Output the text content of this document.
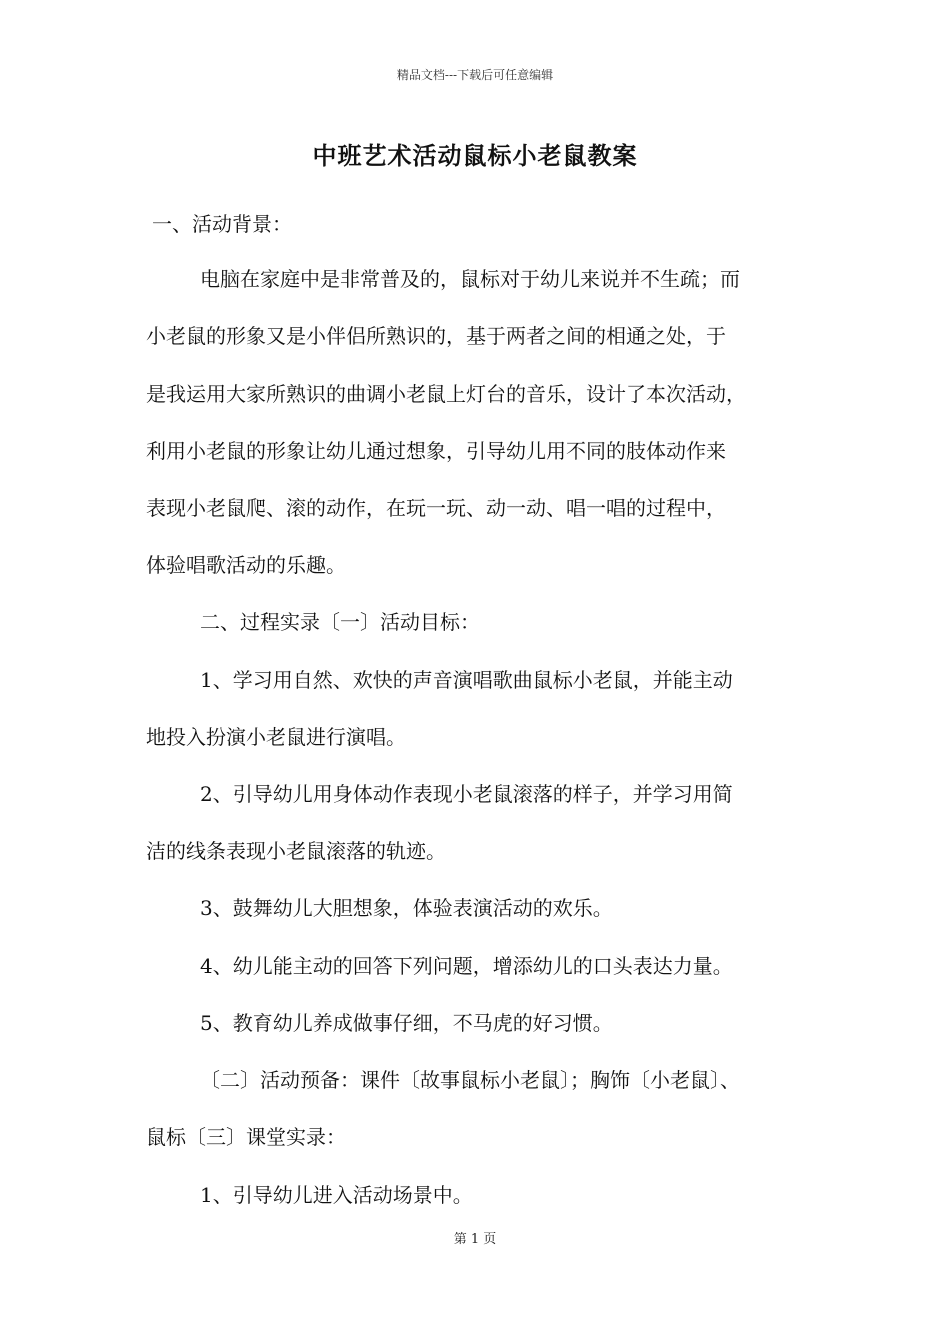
精品文档---下载后可任意编辑
中班艺术活动鼠标小老鼠教案
一、活动背景：
电脑在家庭中是非常普及的，鼠标对于幼儿来说并不生疏；而
小老鼠的形象又是小伴侣所熟识的，基于两者之间的相通之处，于
是我运用大家所熟识的曲调小老鼠上灯台的音乐，设计了本次活动，
利用小老鼠的形象让幼儿通过想象，引导幼儿用不同的肢体动作来
表现小老鼠爬、滚的动作，在玩一玩、动一动、唱一唱的过程中，
体验唱歌活动的乐趣。
二、过程实录〔一〕活动目标：
1、学习用自然、欢快的声音演唱歌曲鼠标小老鼠，并能主动
地投入扮演小老鼠进行演唱。
2、引导幼儿用身体动作表现小老鼠滚落的样子，并学习用简
洁的线条表现小老鼠滚落的轨迹。
3、鼓舞幼儿大胆想象，体验表演活动的欢乐。
4、幼儿能主动的回答下列问题，增添幼儿的口头表达力量。
5、教育幼儿养成做事仔细，不马虎的好习惯。
〔二〕活动预备：课件〔故事鼠标小老鼠〕；胸饰〔小老鼠〕、
鼠标〔三〕课堂实录：
1、引导幼儿进入活动场景中。
第 1 页
